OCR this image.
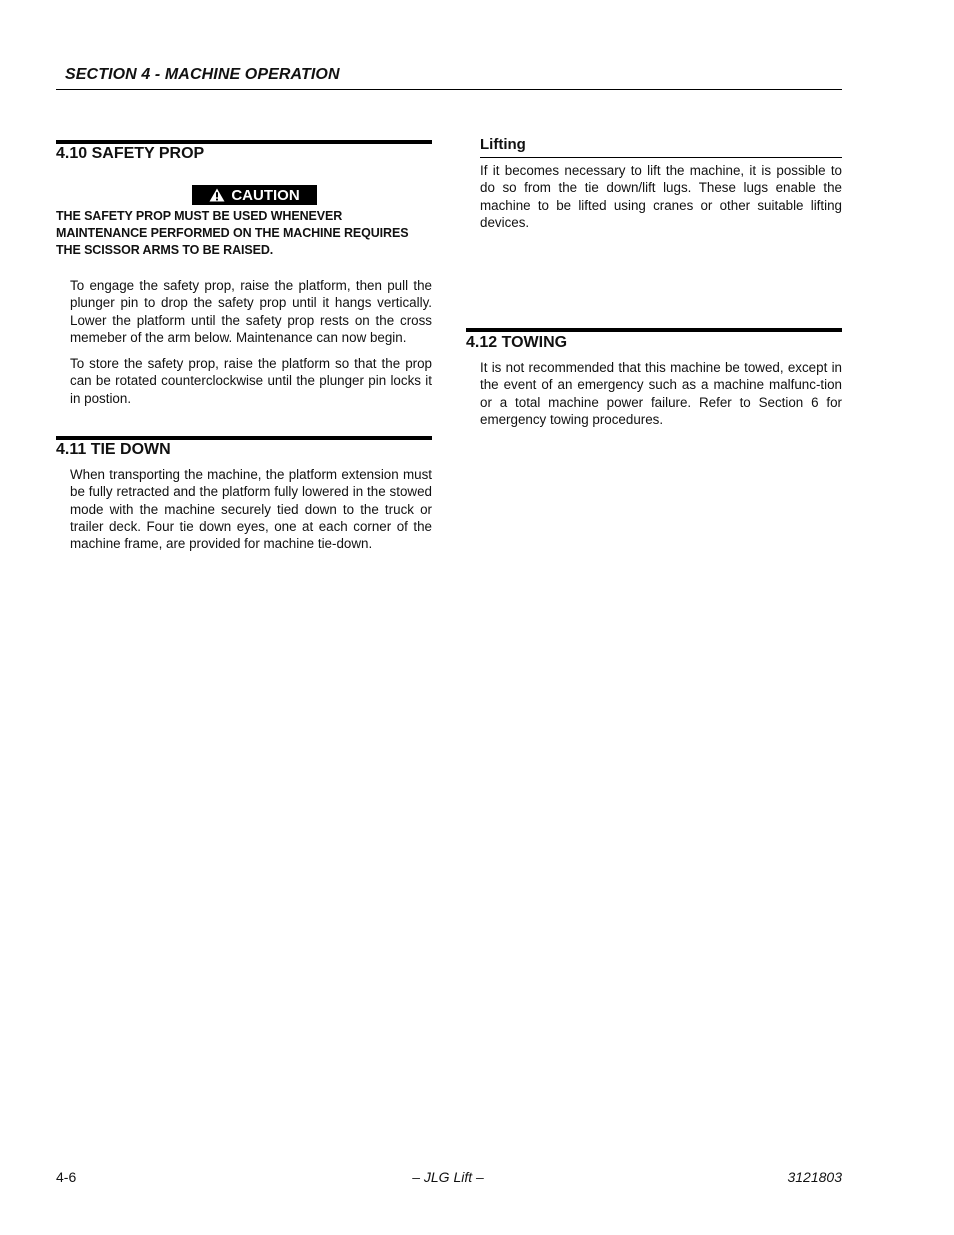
SECTION 4 - MACHINE OPERATION
4.10 SAFETY PROP
CAUTION
THE SAFETY PROP MUST BE USED WHENEVER MAINTENANCE PERFORMED ON THE MACHINE REQUIRES THE SCISSOR ARMS TO BE RAISED.

To engage the safety prop, raise the platform, then pull the plunger pin to drop the safety prop until it hangs vertically. Lower the platform until the safety prop rests on the cross memeber of the arm below. Maintenance can now begin.

To store the safety prop, raise the platform so that the prop can be rotated counterclockwise until the plunger pin locks it in postion.

4.11 TIE DOWN

When transporting the machine, the platform extension must be fully retracted and the platform fully lowered in the stowed mode with the machine securely tied down to the truck or trailer deck. Four tie down eyes, one at each corner of the machine frame, are provided for machine tie-down.

Lifting

If it becomes necessary to lift the machine, it is possible to do so from the tie down/lift lugs. These lugs enable the machine to be lifted using cranes or other suitable lifting devices.

4.12 TOWING

It is not recommended that this machine be towed, except in the event of an emergency such as a machine malfunc-tion or a total machine power failure. Refer to Section 6 for emergency towing procedures.

4-6	– JLG Lift –	3121803
